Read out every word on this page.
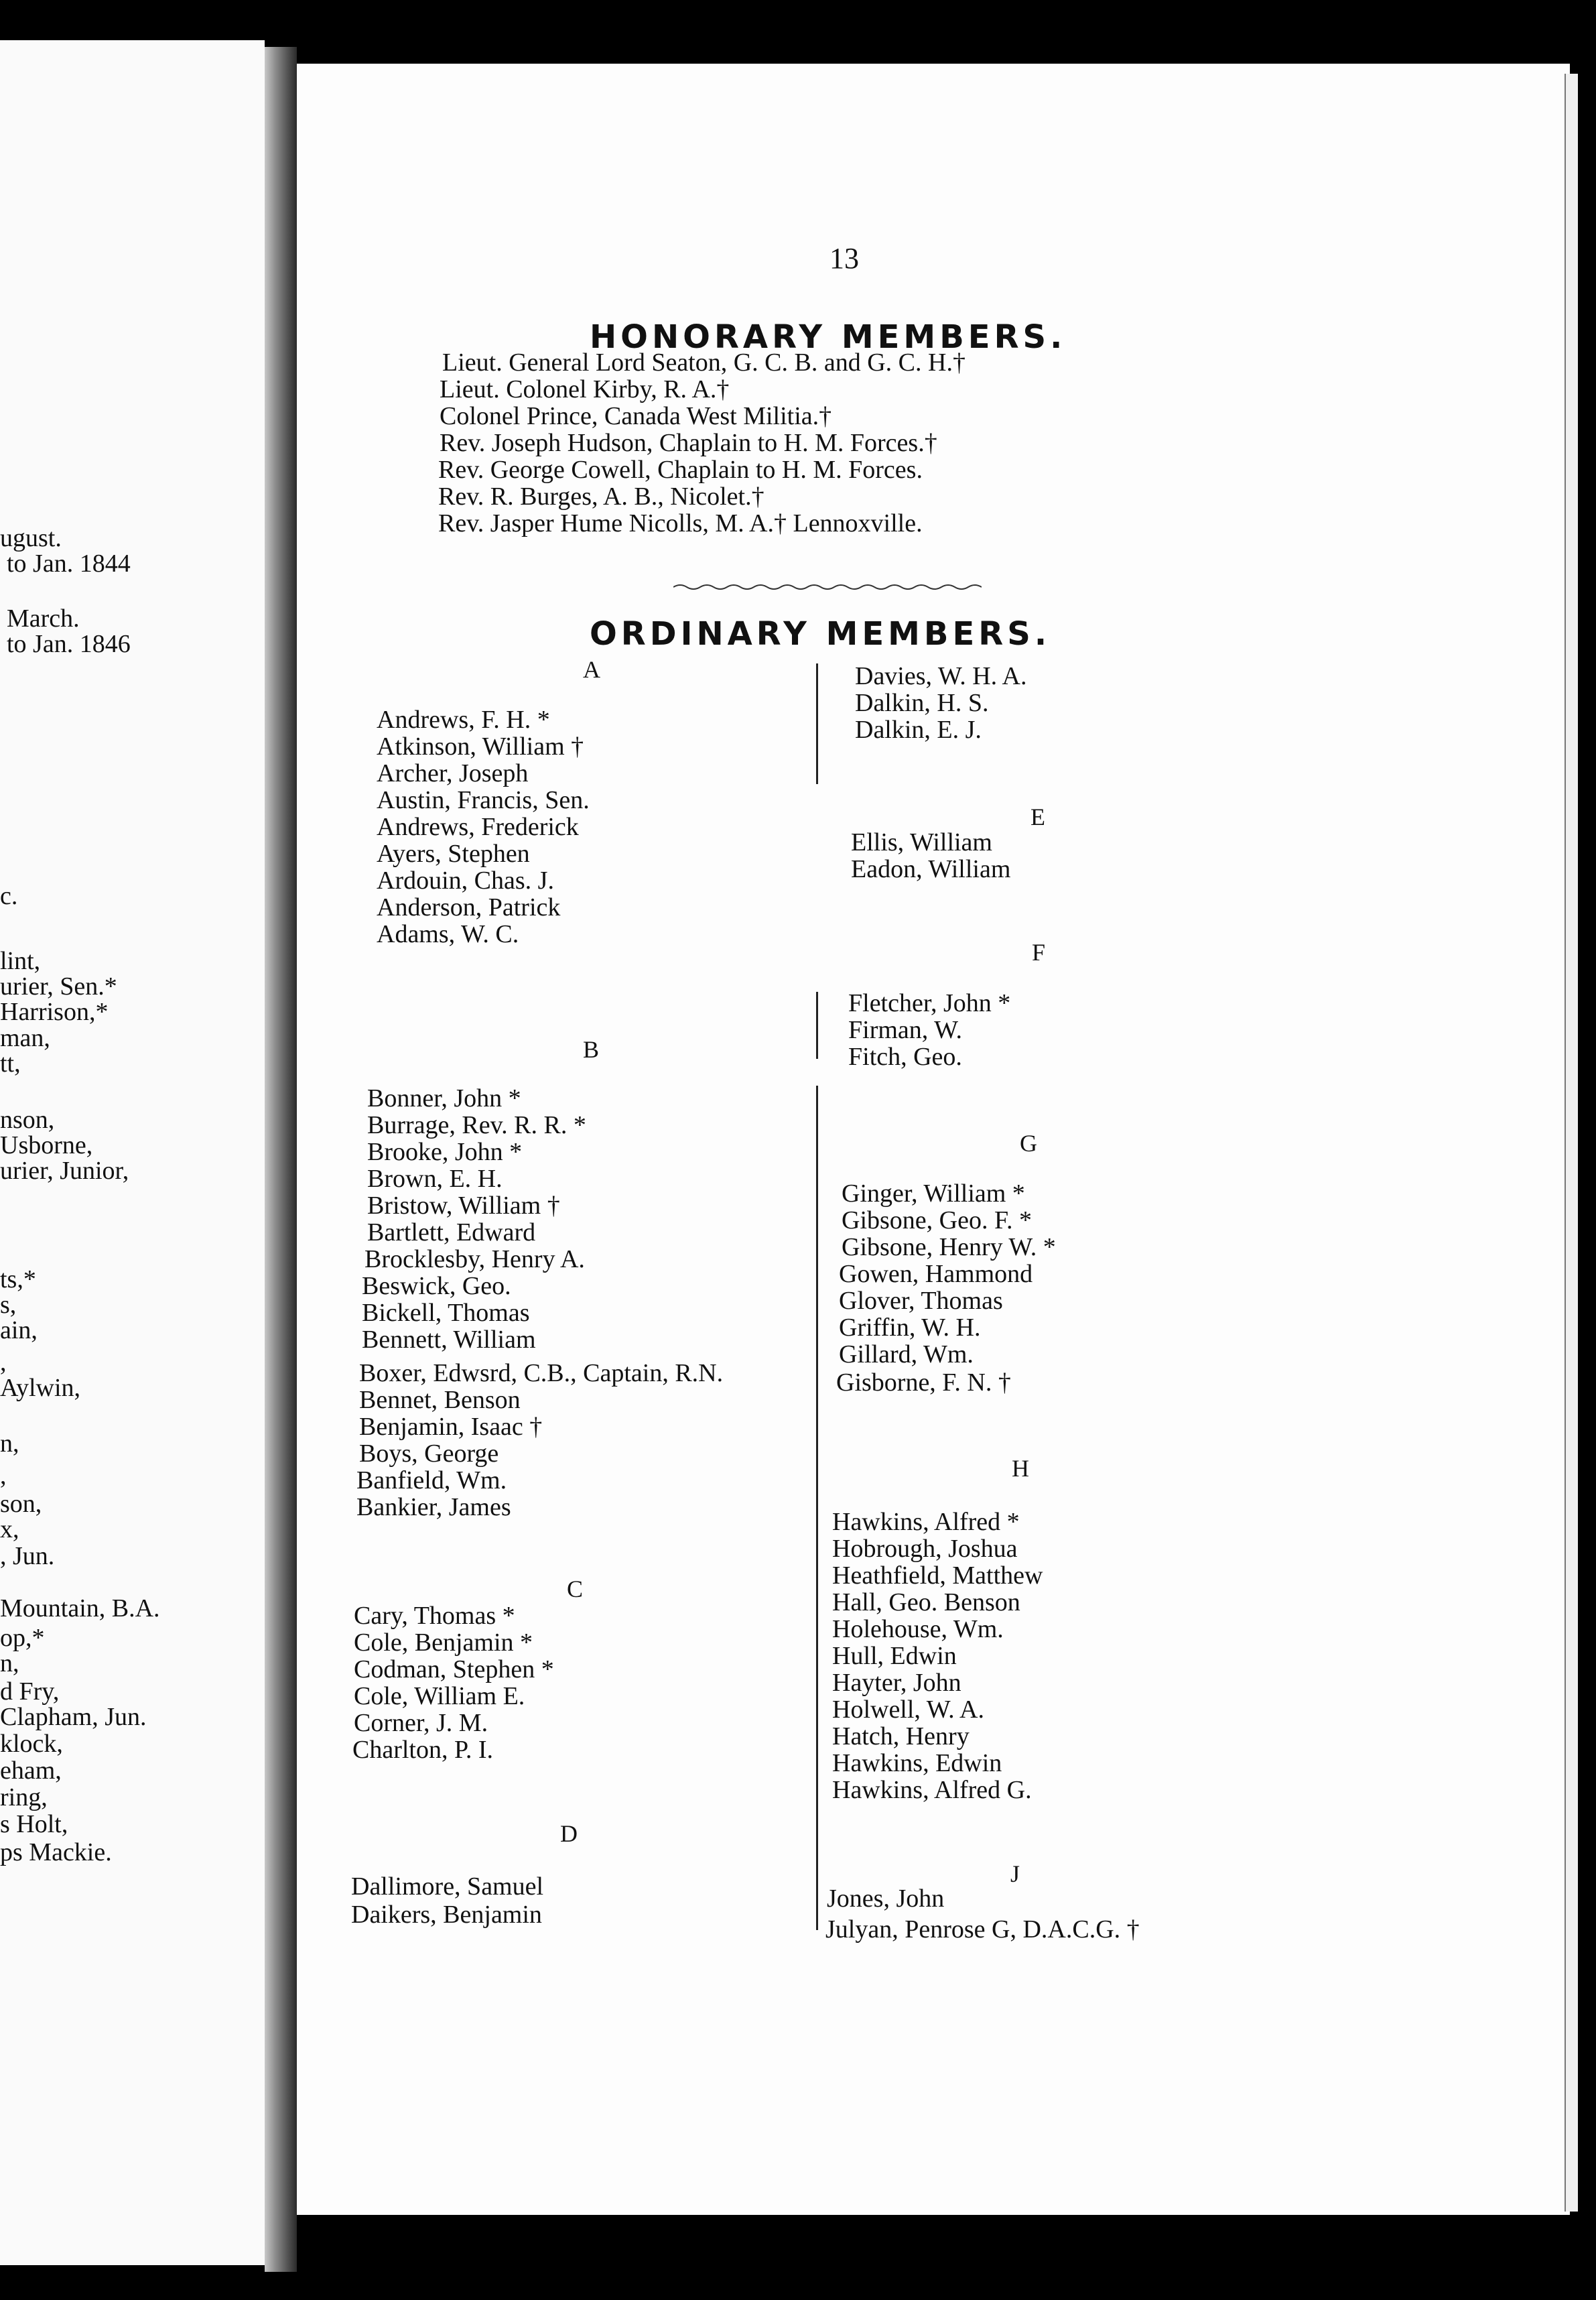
ugust.
to Jan. 1844
March.
to Jan. 1846
c.
lint,
urier, Sen.*
Harrison,*
man,
tt,
nson,
Usborne,
urier, Junior,
ts,*
s,
ain,
,
Aylwin,
n,
,
son,
x,
, Jun.
Mountain, B.A.
op,*
n,
d Fry,
Clapham, Jun.
klock,
eham,
ring,
s Holt,
ps Mackie.
13
HONORARY MEMBERS.
Lieut. General Lord Seaton, G. C. B. and G. C. H.†
Lieut. Colonel Kirby, R. A.†
Colonel Prince, Canada West Militia.†
Rev. Joseph Hudson, Chaplain to H. M. Forces.†
Rev. George Cowell, Chaplain to H. M. Forces.
Rev. R. Burges, A. B., Nicolet.†
Rev. Jasper Hume Nicolls, M. A.† Lennoxville.
ORDINARY MEMBERS.
A
Andrews, F. H. *
Atkinson, William †
Archer, Joseph
Austin, Francis, Sen.
Andrews, Frederick
Ayers, Stephen
Ardouin, Chas. J.
Anderson, Patrick
Adams, W. C.
B
Bonner, John *
Burrage, Rev. R. R. *
Brooke, John *
Brown, E. H.
Bristow, William †
Bartlett, Edward
Brocklesby, Henry A.
Beswick, Geo.
Bickell, Thomas
Bennett, William
Boxer, Edwsrd, C.B., Captain, R.N.
Bennet, Benson
Benjamin, Isaac †
Boys, George
Banfield, Wm.
Bankier, James
C
Cary, Thomas *
Cole, Benjamin *
Codman, Stephen *
Cole, William E.
Corner, J. M.
Charlton, P. I.
D
Dallimore, Samuel
Daikers, Benjamin
Davies, W. H. A.
Dalkin, H. S.
Dalkin, E. J.
E
Ellis, William
Eadon, William
F
Fletcher, John *
Firman, W.
Fitch, Geo.
G
Ginger, William *
Gibsone, Geo. F. *
Gibsone, Henry W. *
Gowen, Hammond
Glover, Thomas
Griffin, W. H.
Gillard, Wm.
Gisborne, F. N. †
H
Hawkins, Alfred *
Hobrough, Joshua
Heathfield, Matthew
Hall, Geo. Benson
Holehouse, Wm.
Hull, Edwin
Hayter, John
Holwell, W. A.
Hatch, Henry
Hawkins, Edwin
Hawkins, Alfred G.
J
Jones, John
Julyan, Penrose G, D.A.C.G. †
